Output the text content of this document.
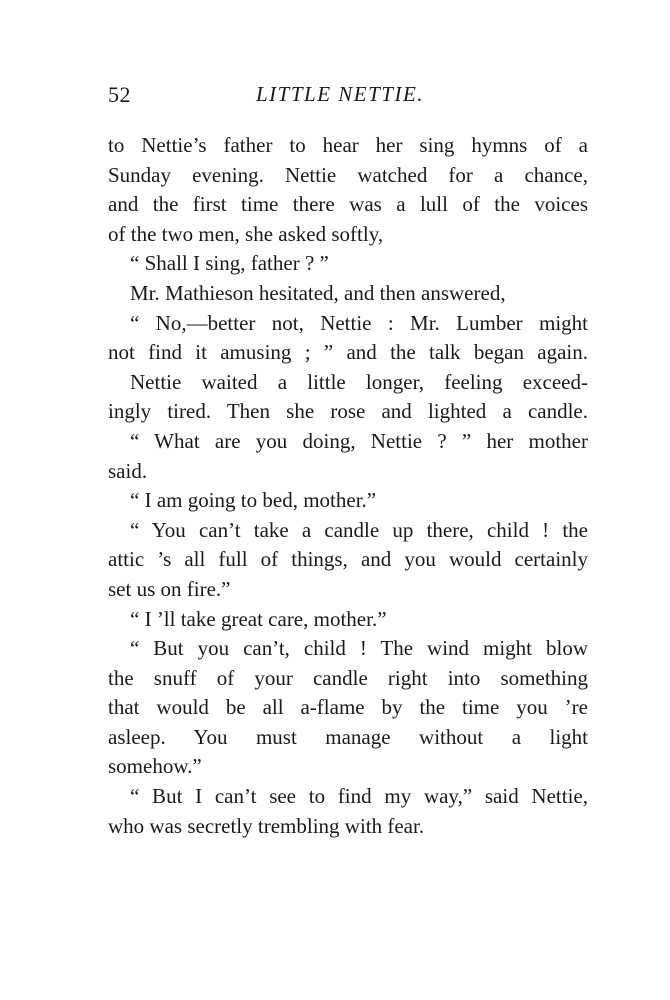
52	LITTLE NETTIE.
to Nettie’s father to hear her sing hymns of a
Sunday evening. Nettie watched for a chance,
and the first time there was a lull of the voices
of the two men, she asked softly,
“ Shall I sing, father ? ”
Mr. Mathieson hesitated, and then answered,
“ No,—better not, Nettie : Mr. Lumber might
not find it amusing ; ” and the talk began again.
Nettie waited a little longer, feeling exceed-
ingly tired. Then she rose and lighted a candle.
“ What are you doing, Nettie ? ” her mother
said.
“ I am going to bed, mother.”
“ You can’t take a candle up there, child ! the
attic ’s all full of things, and you would certainly
set us on fire.”
“ I ’ll take great care, mother.”
“ But you can’t, child ! The wind might blow
the snuff of your candle right into something
that would be all a-flame by the time you ’re
asleep. You must manage without a light
somehow.”
“ But I can’t see to find my way,” said Nettie,
who was secretly trembling with fear.
